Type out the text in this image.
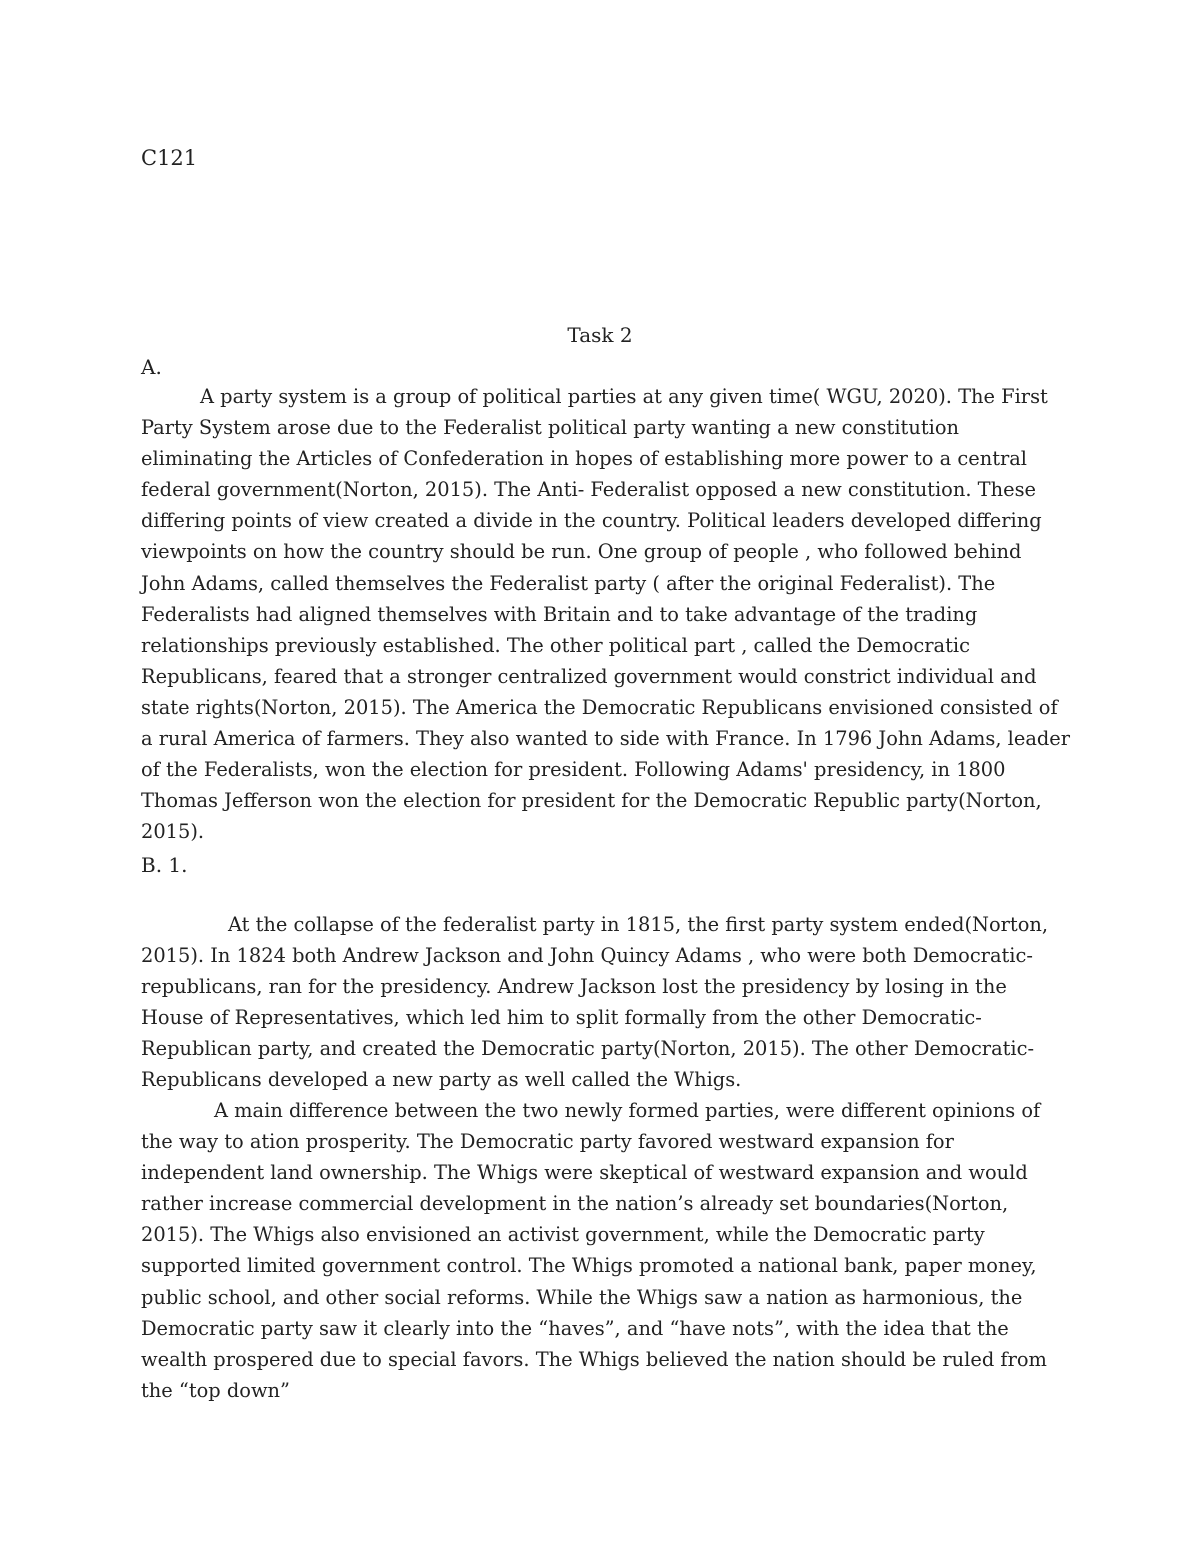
C121
Task 2
A.

A party system is a group of political parties at any given time( WGU, 2020). The First Party System arose due to the Federalist political party wanting a new constitution eliminating the Articles of Confederation in hopes of establishing more power to a central federal government(Norton, 2015). The Anti- Federalist opposed a new constitution. These differing points of view created a divide in the country. Political leaders developed differing viewpoints on how the country should be run. One group of people , who followed behind John Adams, called themselves the Federalist party ( after the original Federalist). The Federalists had aligned themselves with Britain and to take advantage of the trading relationships previously established. The other political part , called the Democratic Republicans, feared that a stronger centralized government would constrict individual and state rights(Norton, 2015). The America the Democratic Republicans envisioned consisted of a rural America of farmers. They also wanted to side with France. In 1796 John Adams, leader of the Federalists, won the election for president. Following Adams' presidency, in 1800 Thomas Jefferson won the election for president for the Democratic Republic party(Norton, 2015).

B. 1.

At the collapse of the federalist party in 1815, the first party system ended(Norton, 2015). In 1824 both Andrew Jackson and John Quincy Adams , who were both Democratic-republicans, ran for the presidency. Andrew Jackson lost the presidency by losing in the House of Representatives, which led him to split formally from the other Democratic- Republican party, and created the Democratic party(Norton, 2015). The other Democratic- Republicans developed a new party as well called the Whigs.

A main difference between the two newly formed parties, were different opinions of the way to ation prosperity. The Democratic party favored westward expansion for independent land ownership. The Whigs were skeptical of westward expansion and would rather increase commercial development in the nation’s already set boundaries(Norton, 2015). The Whigs also envisioned an activist government, while the Democratic party supported limited government control. The Whigs promoted a national bank, paper money, public school, and other social reforms. While the Whigs saw a nation as harmonious, the Democratic party saw it clearly into the “haves”, and “have nots”, with the idea that the wealth prospered due to special favors. The Whigs believed the nation should be ruled from the “top down”
